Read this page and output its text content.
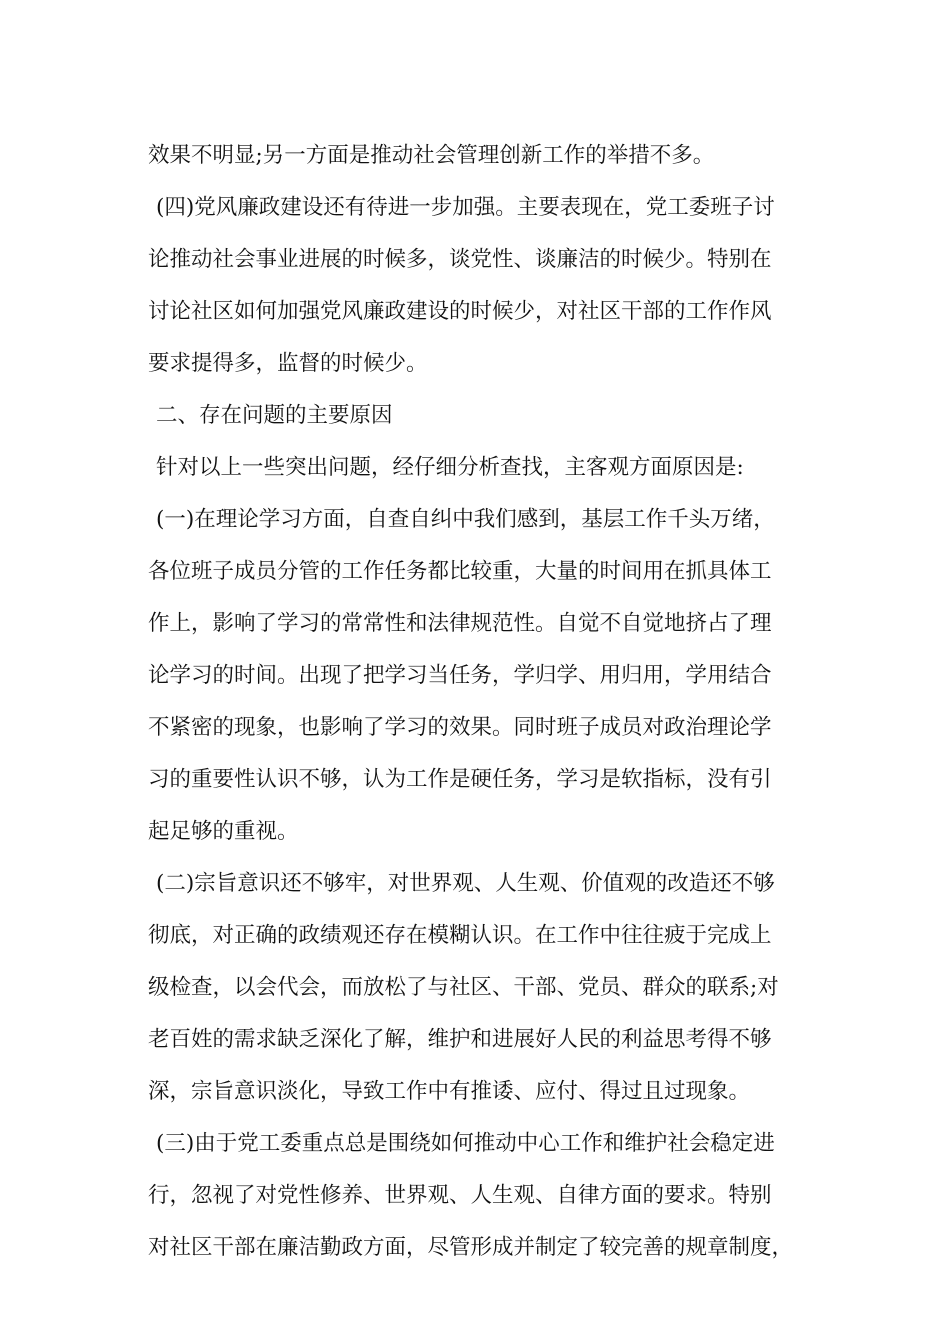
效果不明显;另一方面是推动社会管理创新工作的举措不多。
(四)党风廉政建设还有待进一步加强。主要表现在，党工委班子讨
论推动社会事业进展的时候多，谈党性、谈廉洁的时候少。特别在
讨论社区如何加强党风廉政建设的时候少，对社区干部的工作作风
要求提得多，监督的时候少。
二、存在问题的主要原因
针对以上一些突出问题，经仔细分析查找，主客观方面原因是:
(一)在理论学习方面，自查自纠中我们感到，基层工作千头万绪，
各位班子成员分管的工作任务都比较重，大量的时间用在抓具体工
作上，影响了学习的常常性和法律规范性。自觉不自觉地挤占了理
论学习的时间。出现了把学习当任务，学归学、用归用，学用结合
不紧密的现象，也影响了学习的效果。同时班子成员对政治理论学
习的重要性认识不够，认为工作是硬任务，学习是软指标，没有引
起足够的重视。
(二)宗旨意识还不够牢，对世界观、人生观、价值观的改造还不够
彻底，对正确的政绩观还存在模糊认识。在工作中往往疲于完成上
级检查，以会代会，而放松了与社区、干部、党员、群众的联系;对
老百姓的需求缺乏深化了解，维护和进展好人民的利益思考得不够
深，宗旨意识淡化，导致工作中有推诿、应付、得过且过现象。
(三)由于党工委重点总是围绕如何推动中心工作和维护社会稳定进
行，忽视了对党性修养、世界观、人生观、自律方面的要求。特别
对社区干部在廉洁勤政方面，尽管形成并制定了较完善的规章制度，
